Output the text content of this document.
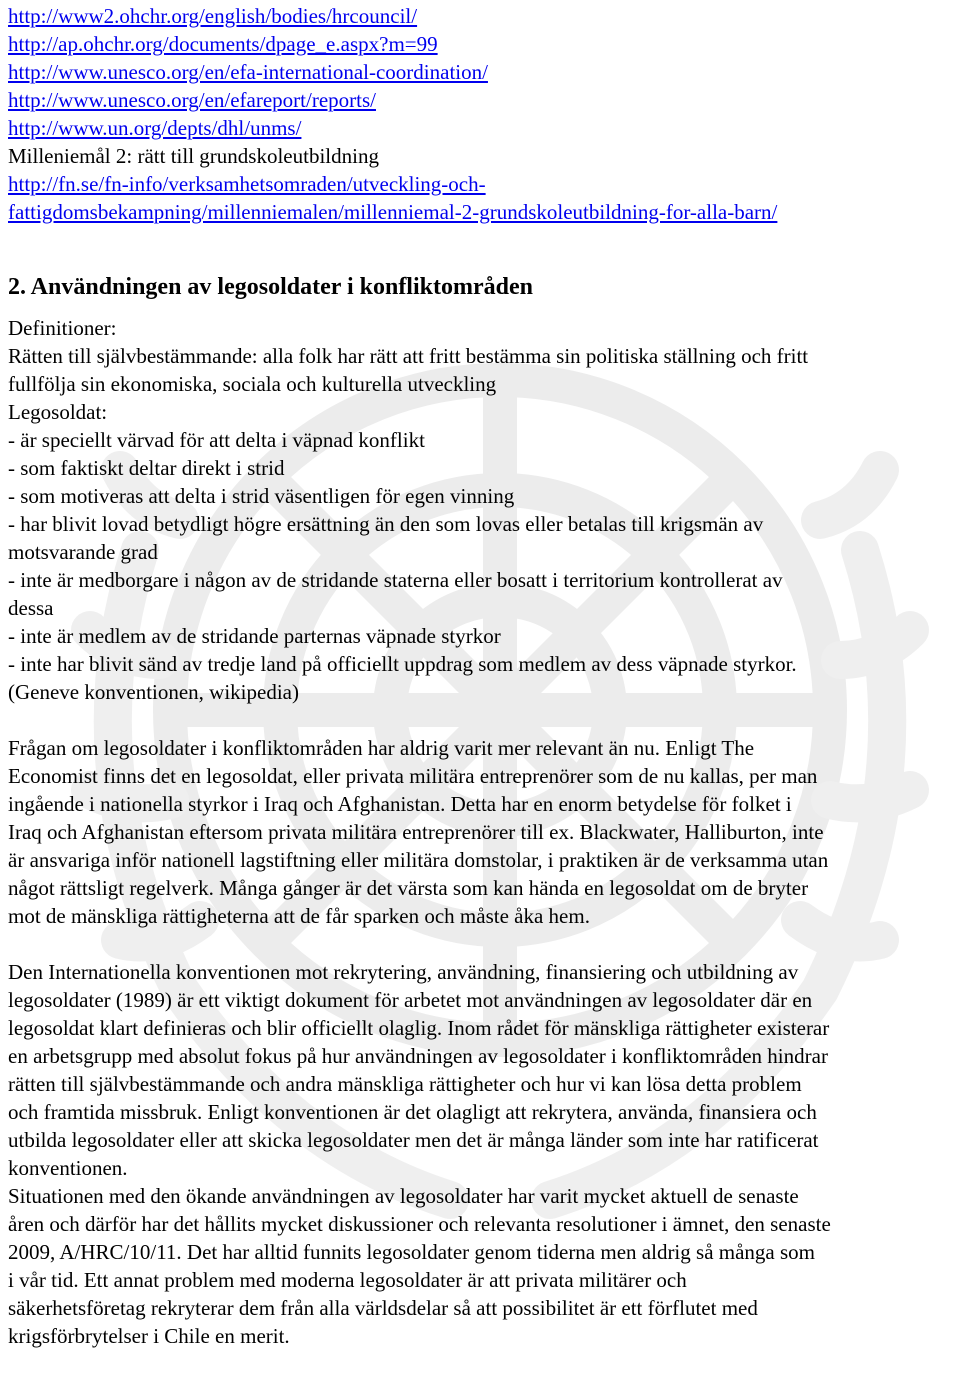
http://www2.ohchr.org/english/bodies/hrcouncil/
http://ap.ohchr.org/documents/dpage_e.aspx?m=99
http://www.unesco.org/en/efa-international-coordination/
http://www.unesco.org/en/efareport/reports/
http://www.un.org/depts/dhl/unms/
Milleniemål 2: rätt till grundskoleutbildning
http://fn.se/fn-info/verksamhetsomraden/utveckling-och-
fattigdomsbekampning/millenniemalen/millenniemal-2-grundskoleutbildning-for-alla-barn/
2. Användningen av legosoldater i konfliktområden
Definitioner:
Rätten till självbestämmande: alla folk har rätt att fritt bestämma sin politiska ställning och fritt
fullfölja sin ekonomiska, sociala och kulturella utveckling
Legosoldat:
- är speciellt värvad för att delta i väpnad konflikt
- som faktiskt deltar direkt i strid
- som motiveras att delta i strid väsentligen för egen vinning
- har blivit lovad betydligt högre ersättning än den som lovas eller betalas till krigsmän av
motsvarande grad
- inte är medborgare i någon av de stridande staterna eller bosatt i territorium kontrollerat av
dessa
- inte är medlem av de stridande parternas väpnade styrkor
- inte har blivit sänd av tredje land på officiellt uppdrag som medlem av dess väpnade styrkor.
(Geneve konventionen, wikipedia)
Frågan om legosoldater i konfliktområden har aldrig varit mer relevant än nu. Enligt The
Economist finns det en legosoldat, eller privata militära entreprenörer som de nu kallas, per man
ingående i nationella styrkor i Iraq och Afghanistan. Detta har en enorm betydelse för folket i
Iraq och Afghanistan eftersom privata militära entreprenörer till ex. Blackwater, Halliburton, inte
är ansvariga inför nationell lagstiftning eller militära domstolar, i praktiken är de verksamma utan
något rättsligt regelverk. Många gånger är det värsta som kan hända en legosoldat om de bryter
mot de mänskliga rättigheterna att de får sparken och måste åka hem.
Den Internationella konventionen mot rekrytering, användning, finansiering och utbildning av
legosoldater (1989) är ett viktigt dokument för arbetet mot användningen av legosoldater där en
legosoldat klart definieras och blir officiellt olaglig. Inom rådet för mänskliga rättigheter existerar
en arbetsgrupp med absolut fokus på hur användningen av legosoldater i konfliktområden hindrar
rätten till självbestämmande och andra mänskliga rättigheter och hur vi kan lösa detta problem
och framtida missbruk. Enligt konventionen är det olagligt att rekrytera, använda, finansiera och
utbilda legosoldater eller att skicka legosoldater men det är många länder som inte har ratificerat
konventionen.
Situationen med den ökande användningen av legosoldater har varit mycket aktuell de senaste
åren och därför har det hållits mycket diskussioner och relevanta resolutioner i ämnet, den senaste
2009, A/HRC/10/11. Det har alltid funnits legosoldater genom tiderna men aldrig så många som
i vår tid. Ett annat problem med moderna legosoldater är att privata militärer och
säkerhetsföretag rekryterar dem från alla världsdelar så att possibilitet är ett förflutet med
krigsförbrytelser i Chile en merit.
